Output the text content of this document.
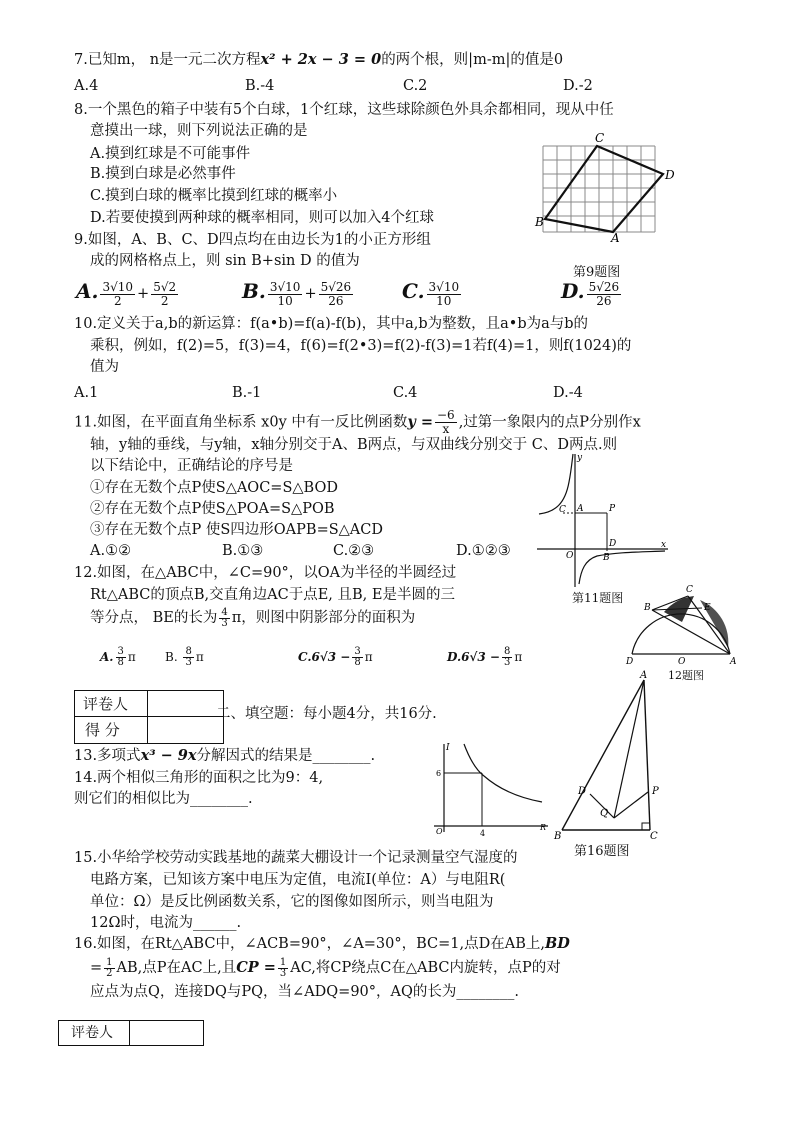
7.已知m， n是一元二次方程x² + 2x − 3 = 0的两个根，则|m-m|的值是0
A.4	B.-4	C.2	D.-2
8.一个黑色的箱子中装有5个白球，1个红球，这些球除颜色外具余都相同，现从中任
意摸出一球，则下列说法正确的是
A.摸到红球是不可能事件
B.摸到白球是必然事件
C.摸到白球的概率比摸到红球的概率小
D.若要使摸到两种球的概率相同，则可以加入4个红球
C
D
B
A
第9题图
9.如图，A、B、C、D四点均在由边长为1的小正方形组
成的网格格点上，则 sin B+sin D 的值为
A. $\frac{3√10}{2} + \frac{5√2}{2}$	B. $\frac{3√10}{10} + \frac{5√26}{26} C$. $\frac{3√10}{10}$	D. $\frac{5√26}{26}$
10.定义关于a,b的新运算：f(a•b)=f(a)-f(b)，其中a,b为整数，且a•b为a与b的
乘积，例如，f(2)=5，f(3)=4，f(6)=f(2•3)=f(2)-f(3)=1若f(4)=1，则f(1024)的
值为
A.1	B.-1	C.4	D.-4
11.如图，在平面直角坐标系 x0y 中有一反比例函数$y = \frac{-6}{x}$ ,过第一象限内的点P分别作x
轴，y轴的垂线，与y轴，x轴分别交于A、B两点，与双曲线分别交于 C、D两点.则
以下结论中，正确结论的序号是
①存在无数个点P使S△AOC=S△BOD
②存在无数个点P使S△POA=S△POB
③存在无数个点P 使S四边形OAPB=S△ACD
A.①②	B.①③	C.②③	D.①②③
y
C A	P
D
O	B
x
第11题图
12.如图，在△ABC中，∠C=90°，以OA为半径的半圆经过
Rt△ABC的顶点B,交直角边AC于点E, 且B, E是半圆的三
等分点， BE的长为 $\frac{4}{3}$ π，则图中阴影部分的面积为
A. $\frac{3}{8}$ π B. $\frac{8}{3}$ π	$C.6√3 - \frac{3}{8}$ π	$D.6√3 - \frac{8}{3}$ π
C
B	E
D	O	A
12题图
评卷人
得 分
二、填空题：每小题4分，共16分.
13.多项式x³ − 9x分解因式的结果是________.
14.两个相似三角形的面积之比为9：4,
则它们的相似比为________.
I
6
O	4
R
A
D	P
Q
B	C
第16题图
15.小华给学校劳动实践基地的蔬菜大棚设计一个记录测量空气湿度的
电路方案，已知该方案中电压为定值，电流I(单位：A）与电阻R(
单位：Ω）是反比例函数关系，它的图像如图所示，则当电阻为
12Ω时，电流为______.
16.如图，在Rt△ABC中，∠ACB=90°，∠A=30°，BC=1,点D在AB上,BD
= $\frac{1}{2}$ AB,点P在AC上,且CP = $\frac{1}{3}$ AC,将CP绕点C在△ABC内旋转，点P的对
应点为点Q，连接DQ与PQ，当∠ADQ=90°，AQ的长为________.
评卷人
